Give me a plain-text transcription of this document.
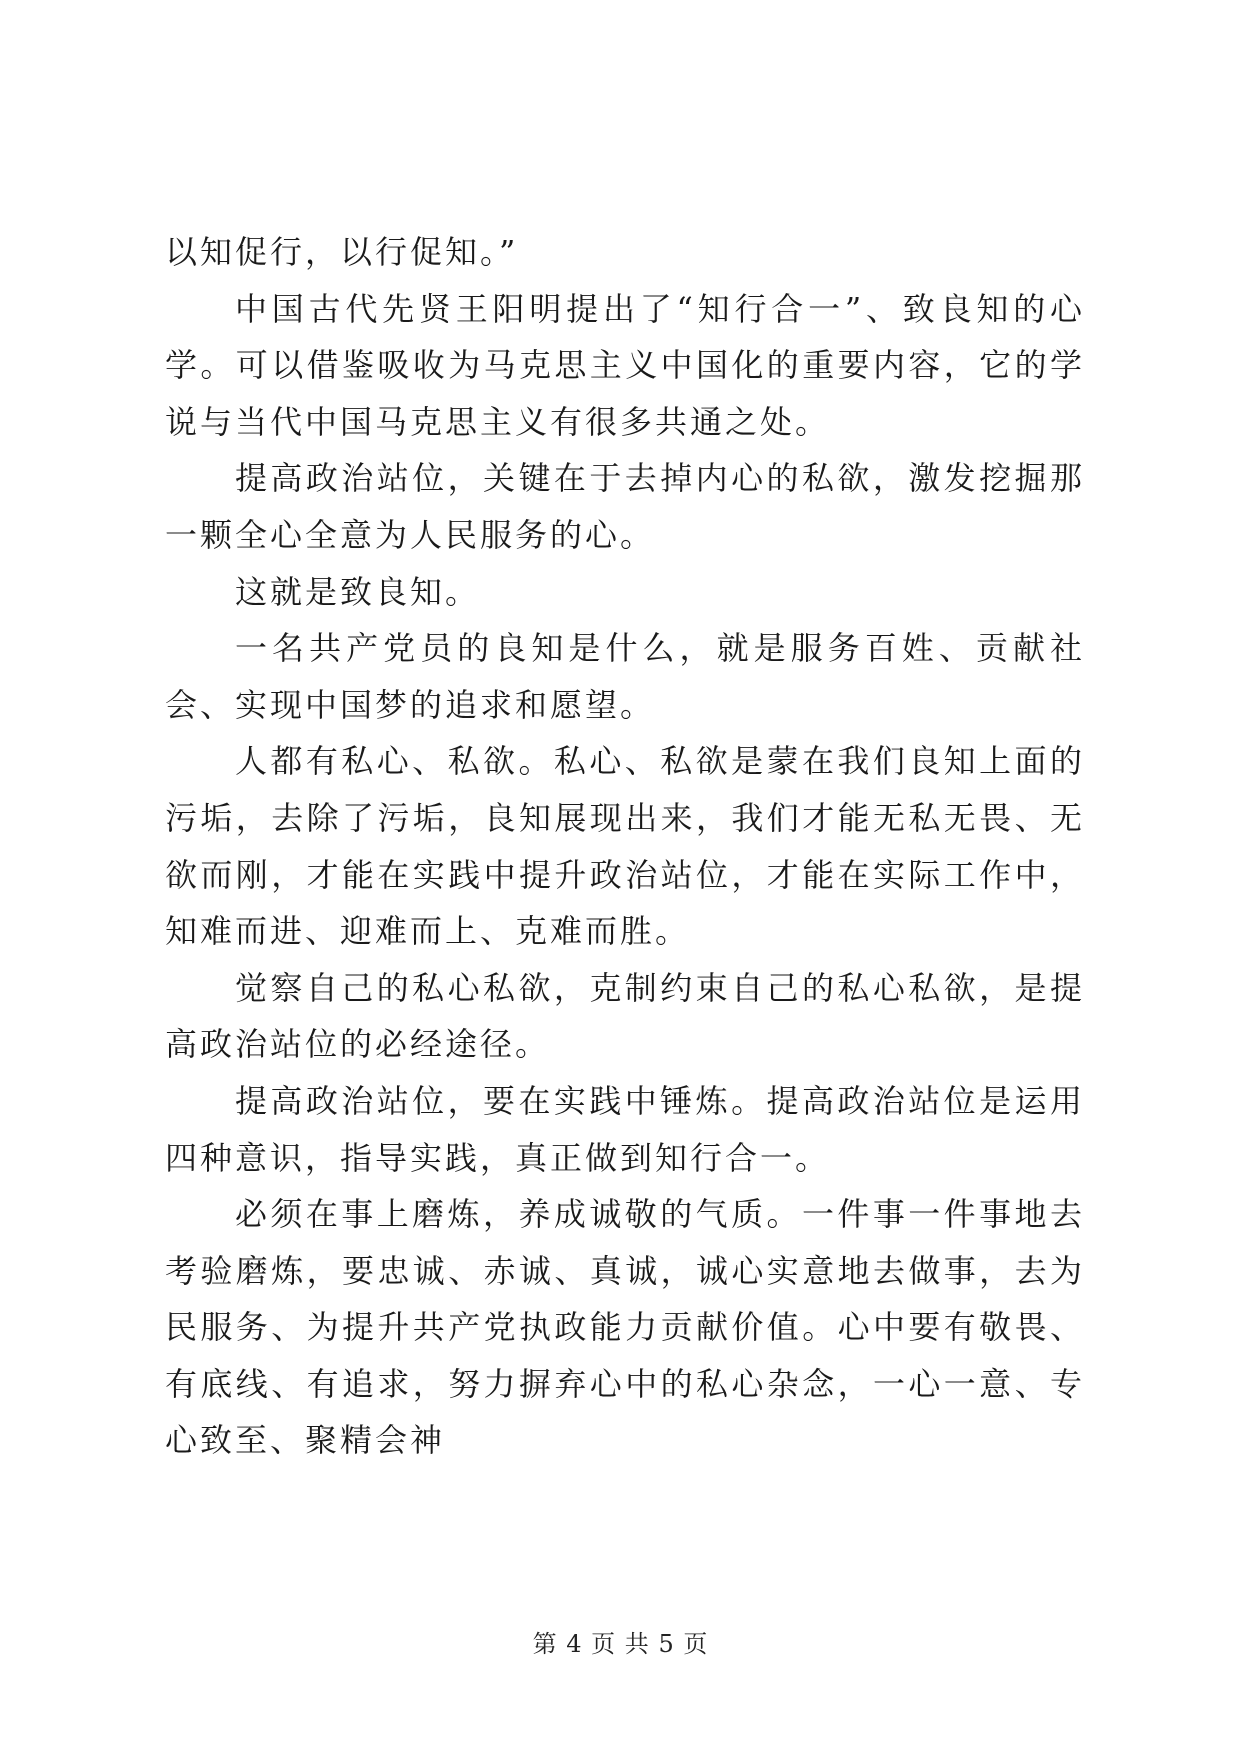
以知促行，以行促知。”

中国古代先贤王阳明提出了“知行合一”、致良知的心学。可以借鉴吸收为马克思主义中国化的重要内容，它的学说与当代中国马克思主义有很多共通之处。

提高政治站位，关键在于去掉内心的私欲，激发挖掘那一颗全心全意为人民服务的心。

这就是致良知。

一名共产党员的良知是什么，就是服务百姓、贡献社会、实现中国梦的追求和愿望。

人都有私心、私欲。私心、私欲是蒙在我们良知上面的污垢，去除了污垢，良知展现出来，我们才能无私无畏、无欲而刚，才能在实践中提升政治站位，才能在实际工作中，知难而进、迎难而上、克难而胜。

觉察自己的私心私欲，克制约束自己的私心私欲，是提高政治站位的必经途径。

提高政治站位，要在实践中锤炼。提高政治站位是运用四种意识，指导实践，真正做到知行合一。

必须在事上磨炼，养成诚敬的气质。一件事一件事地去考验磨炼，要忠诚、赤诚、真诚，诚心实意地去做事，去为民服务、为提升共产党执政能力贡献价值。心中要有敬畏、有底线、有追求，努力摒弃心中的私心杂念，一心一意、专心致至、聚精会神

第 4 页 共 5 页
